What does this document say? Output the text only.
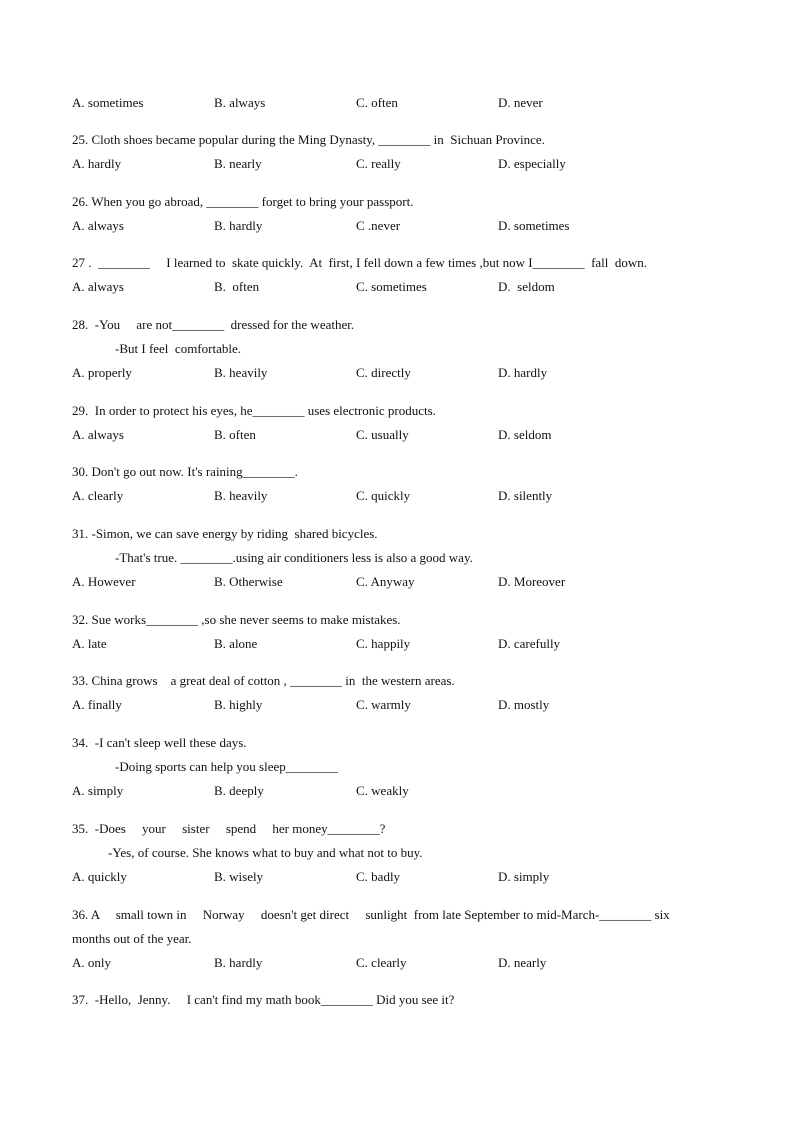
A. sometimes	B. always	C. often	D. never
25. Cloth shoes became popular during the Ming Dynasty, ________ in  Sichuan Province.
A. hardly	B. nearly	C. really	D. especially
26. When you go abroad, ________ forget to bring your passport.
A. always	B. hardly	C .never	D. sometimes
27 .  ________     I learned to  skate quickly.  At  first, I fell down a few times ,but now I________  fall  down.
A. always	B.  often	C. sometimes	D.  seldom
28.  -You     are not________  dressed for the weather.
-But I feel  comfortable.
A. properly	B. heavily	C. directly	D. hardly
29.  In order to protect his eyes, he________ uses electronic products.
A. always	B. often	C. usually	D. seldom
30. Don't go out now. It's raining________.
A. clearly	B. heavily	C. quickly	D. silently
31. -Simon, we can save energy by riding  shared bicycles.
-That's true. ________.using air conditioners less is also a good way.
A. However	B. Otherwise	C. Anyway	D. Moreover
32. Sue works________ ,so she never seems to make mistakes.
A. late	B. alone	C. happily	D. carefully
33. China grows    a great deal of cotton , ________ in  the western areas.
A. finally	B. highly	C. warmly	D. mostly
34.  -I can't sleep well these days.
-Doing sports can help you sleep________
A. simply	B. deeply	C. weakly
35.  -Does     your     sister     spend     her money________?
-Yes, of course. She knows what to buy and what not to buy.
A. quickly	B. wisely	C. badly	D. simply
36. A     small town in     Norway     doesn't get direct     sunlight  from late September to mid-March-________ six
months out of the year.
A. only	B. hardly	C. clearly	D. nearly
37.  -Hello,  Jenny.     I can't find my math book________ Did you see it?
